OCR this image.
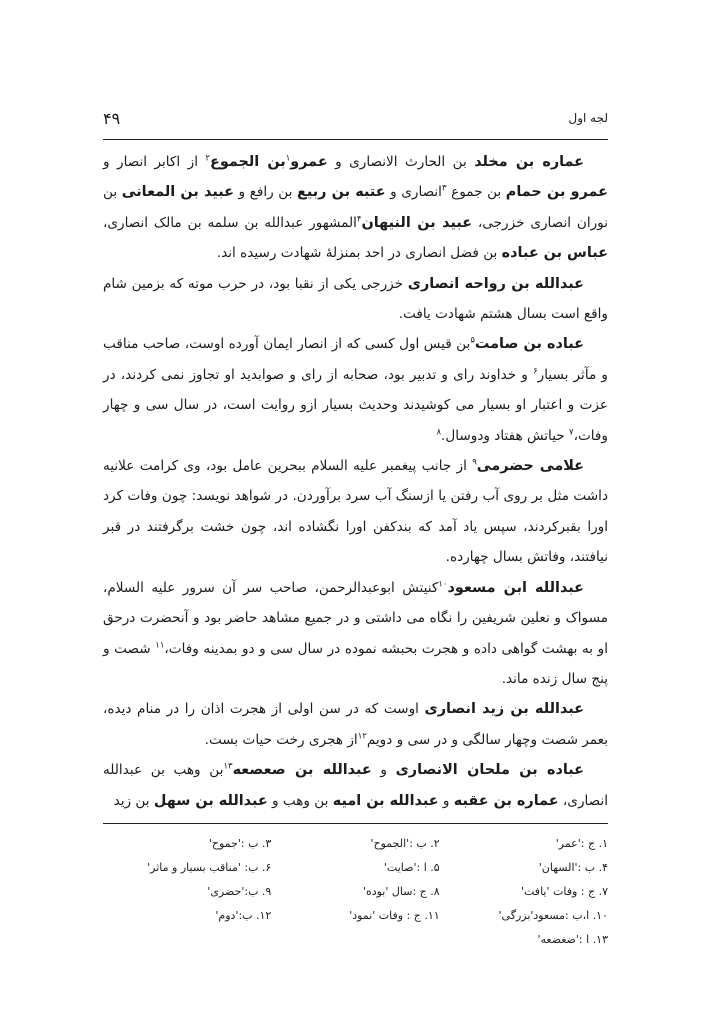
۴۹	لجه اول

عماره بن مخلد بن الحارث الانصاری و عمرو$^۱$بن الجموع$^۲$ از اکابر انصار و عمرو بن حمام بن جموع $^۳$انصاری و عتبه بن ربیع بن رافع و عبید بن المعانی بن نوران انصاری خزرجی، عبید بن النیهان$^۴$المشهور عبدالله بن سلمه بن مالک انصاری، عباس بن عباده بن فضل انصاری در احد بمنزلهٔ شهادت رسیده اند.

عبدالله بن رواحه انصاری خزرجی یکی از نقبا بود، در حرب موته که بزمین شام واقع است بسال هشتم شهادت یافت.

عباده بن صامت$^۵$بن قیس اول کسی که از انصار ایمان آورده اوست، صاحب مناقب و مآثر بسیار$^۶$ و خداوند رای و تدبیر بود، صحابه از رای و صوابدید او تجاوز نمی کردند، در عزت و اعتبار او بسیار می کوشیدند وحدیث بسیار ازو روایت است، در سال سی و چهار وفات،$^۷$ حیاتش هفتاد ودوسال.$^۸$

علامی حضرمی$^۹$ از جانب پیغمبر علیه السلام ببحرین عامل بود، وی کرامت علانیه داشت مثل بر روی آب رفتن یا ازسنگ آب سرد برآوردن. در شواهد نویسد: چون وفات کرد اورا بقبرکردند، سپس یاد آمد که بندکفن اورا نگشاده اند، چون خشت برگرفتند در قبر نیافتند، وفاتش بسال چهارده.

عبدالله ابن مسعود$^{۱۰}$کنیتش ابوعبدالرحمن، صاحب سر آن سرور علیه السلام، مسواک و نعلین شریفین را نگاه می داشتی و در جمیع مشاهد حاضر بود و آنحضرت درحق او به بهشت گواهی داده و هجرت بحبشه نموده در سال سی و دو بمدینه وفات،$^{۱۱}$ شصت و پنج سال زنده ماند.

عبدالله بن زید انصاری اوست که در سن اولی از هجرت اذان را در منام دیده، بعمر شصت وچهار سالگی و در سی و دویم$^{۱۲}$از هجری رخت حیات بست.

عباده بن ملحان الانصاری و عبدالله بن صعصعه$^{۱۳}$بن وهب بن عبدالله انصاری، عماره بن عقبه و عبدالله بن امیه بن وهب و عبدالله بن سهل بن زید

۱. ج :'عمر'
۲. ب :'الجموح'
۳. ب :'جموح'
۴. ب :'السهان'
۵. ا :'صایت'
۶. ب: 'مناقب بسیار و ماثر'
۷. ج : وفات 'یافت'
۸. ج :سال 'بوده'
۹. ب:'حضری'
۱۰. ا،ب :مسعود'بزرگی'
۱۱. ج : وفات 'نمود'
۱۲. ب:'دوم'
۱۳. ا :'ضغضعه'
